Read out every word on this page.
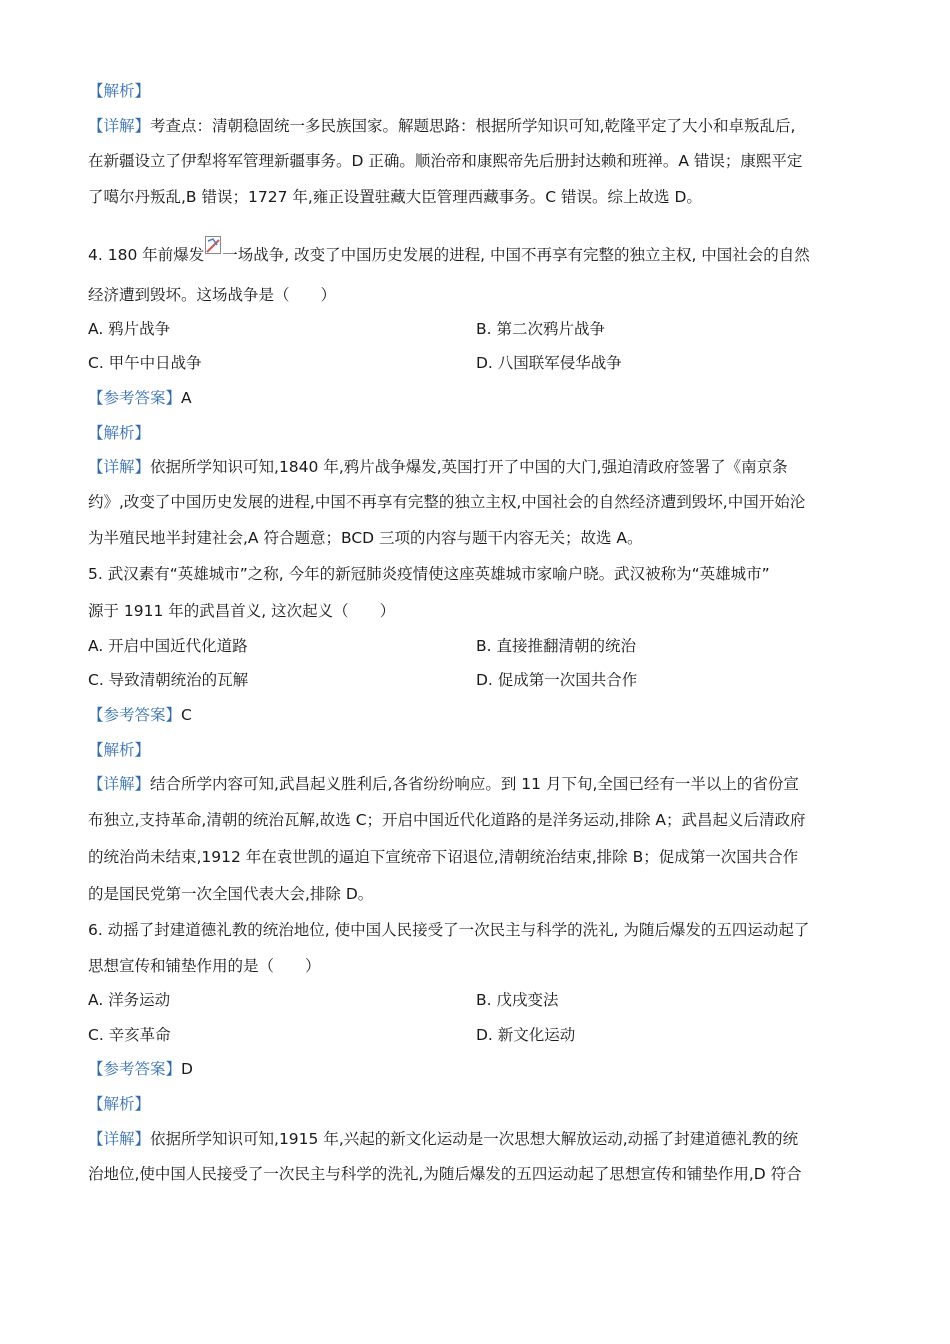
【解析】
【详解】考查点：清朝稳固统一多民族国家。解题思路：根据所学知识可知,乾隆平定了大小和卓叛乱后,
在新疆设立了伊犁将军管理新疆事务。D 正确。顺治帝和康熙帝先后册封达赖和班禅。A 错误；康熙平定
了噶尔丹叛乱,B 错误；1727 年,雍正设置驻藏大臣管理西藏事务。C 错误。综上故选 D。
4. 180 年前爆发 一场战争, 改变了中国历史发展的进程, 中国不再享有完整的独立主权, 中国社会的自然
经济遭到毁坏。这场战争是（　　）
A. 鸦片战争	B. 第二次鸦片战争
C. 甲午中日战争	D. 八国联军侵华战争
【参考答案】A
【解析】
【详解】依据所学知识可知,1840 年,鸦片战争爆发,英国打开了中国的大门,强迫清政府签署了《南京条
约》,改变了中国历史发展的进程,中国不再享有完整的独立主权,中国社会的自然经济遭到毁坏,中国开始沦
为半殖民地半封建社会,A 符合题意；BCD 三项的内容与题干内容无关；故选 A。
5. 武汉素有“英雄城市”之称, 今年的新冠肺炎疫情使这座英雄城市家喻户晓。武汉被称为“英雄城市”
源于 1911 年的武昌首义, 这次起义（　　）
A. 开启中国近代化道路	B. 直接推翻清朝的统治
C. 导致清朝统治的瓦解	D. 促成第一次国共合作
【参考答案】C
【解析】
【详解】结合所学内容可知,武昌起义胜利后,各省纷纷响应。到 11 月下旬,全国已经有一半以上的省份宣
布独立,支持革命,清朝的统治瓦解,故选 C；开启中国近代化道路的是洋务运动,排除 A；武昌起义后清政府
的统治尚未结束,1912 年在袁世凯的逼迫下宣统帝下诏退位,清朝统治结束,排除 B；促成第一次国共合作
的是国民党第一次全国代表大会,排除 D。
6. 动摇了封建道德礼教的统治地位, 使中国人民接受了一次民主与科学的洗礼, 为随后爆发的五四运动起了
思想宣传和铺垫作用的是（　　）
A. 洋务运动	B. 戊戌变法
C. 辛亥革命	D. 新文化运动
【参考答案】D
【解析】
【详解】依据所学知识可知,1915 年,兴起的新文化运动是一次思想大解放运动,动摇了封建道德礼教的统
治地位,使中国人民接受了一次民主与科学的洗礼,为随后爆发的五四运动起了思想宣传和铺垫作用,D 符合
